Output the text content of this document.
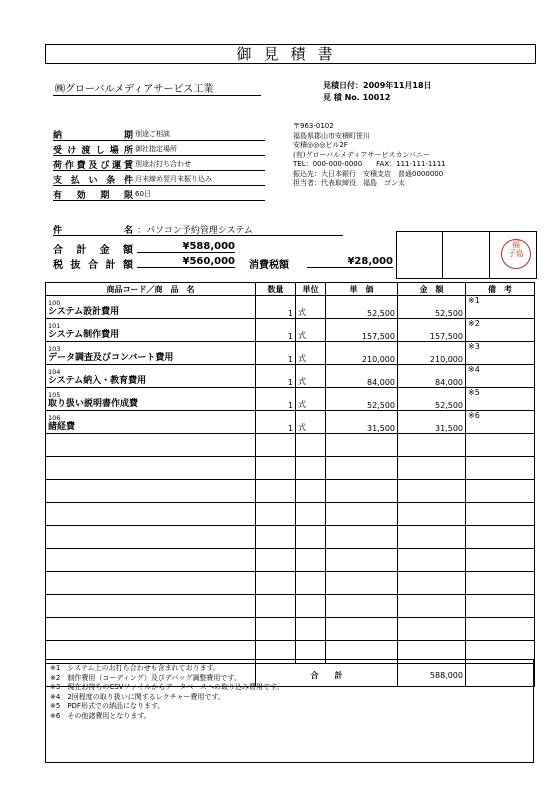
御見積書
㈱グローバルメディアサービス工業	見積日付：2009年11月18日
見 積 No. 10012
納期 別途ご相談
受け渡し場所 御社指定場所
荷作費及び運賃 別途お打ち合わせ
支払い条件 月末締め翌月末振り込み
有効期限 60日
〒963-0102
福島県郡山市安積町笹川
安積◎◎◎ビル2F
(有)グローバルメディアサービスカンパニー
TEL：000-000-0000　　FAX：111-111-1111
振込先：大日本銀行　安積支店　普通0000000
担当者：代表取締役　福島　ゴン太
件名 ：パソコン予約管理システム
合計金額	¥588,000
税抜合計額	¥560,000 消費税額	¥28,000
福
子島
商品コード／商　品　名	数量	単位	単　価	金　額	備　考

100
システム設計費用	1	式	52,500	52,500	※1

101
システム制作費用	1	式	157,500	157,500	※2

103
データ調査及びコンバート費用	1	式	210,000	210,000	※3

104
システム納入・教育費用	1	式	84,000	84,000	※4

105
取り扱い説明書作成費	1	式	52,500	52,500	※5

106
諸経費	1	式	31,500	31,500	※6

	合　　計			588,000	
※1　システム上のお打ち合わせも含まれております。
※2　制作費用（コーディング）及びデバッグ調整費用です。
※3　現在お持ちのCSVファイルからデータベースへの取り込み費用です。
※4　2回程度の取り扱いに関するレクチャー費用です。
※5　PDF形式での納品になります。
※6　その他諸費用となります。
